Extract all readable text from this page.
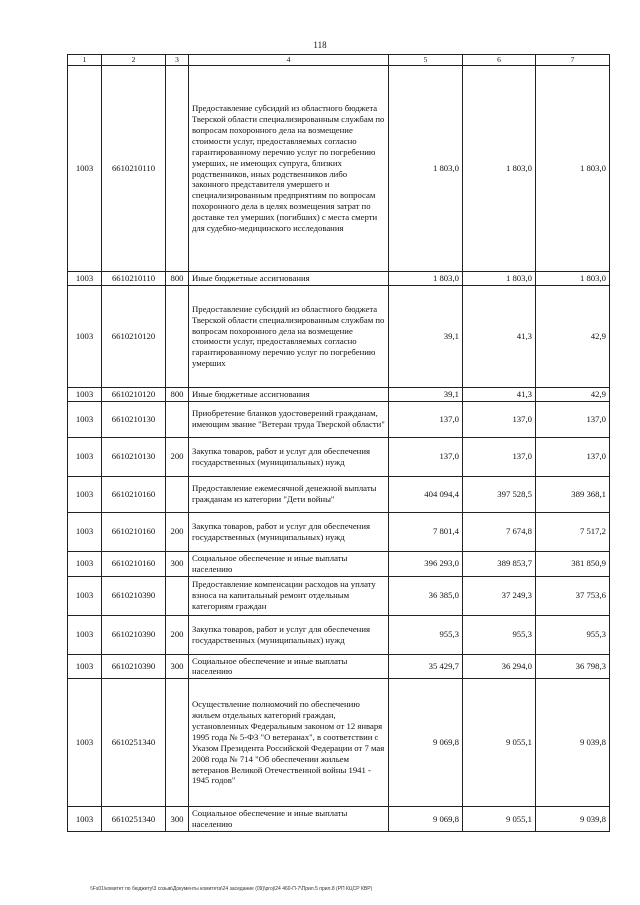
118
1	2	3	4	5	6	7
1003	6610210110		Предоставление субсидий из областного бюджета Тверской области специализированным службам по вопросам похоронного дела на возмещение стоимости услуг, предоставляемых согласно гарантированному перечню услуг по погребению умерших, не имеющих супруга, близких родственников, иных родственников либо законного представителя умершего и специализированным предприятиям по вопросам похоронного дела в целях возмещения затрат по доставке тел умерших (погибших) с места смерти для судебно-медицинского исследования	1 803,0	1 803,0	1 803,0
1003	6610210110	800	Иные бюджетные ассигнования	1 803,0	1 803,0	1 803,0
1003	6610210120		Предоставление субсидий из областного бюджета Тверской области специализированным службам по вопросам похоронного дела на возмещение стоимости услуг, предоставляемых согласно гарантированному перечню услуг по погребению умерших	39,1	41,3	42,9
1003	6610210120	800	Иные бюджетные ассигнования	39,1	41,3	42,9
1003	6610210130		Приобретение бланков удостоверений гражданам, имеющим звание "Ветеран труда Тверской области"	137,0	137,0	137,0
1003	6610210130	200	Закупка товаров, работ и услуг для обеспечения государственных (муниципальных) нужд	137,0	137,0	137,0
1003	6610210160		Предоставление ежемесячной денежной выплаты гражданам из категории "Дети войны"	404 094,4	397 528,5	389 368,1
1003	6610210160	200	Закупка товаров, работ и услуг для обеспечения государственных (муниципальных) нужд	7 801,4	7 674,8	7 517,2
1003	6610210160	300	Социальное обеспечение и иные выплаты населению	396 293,0	389 853,7	381 850,9
1003	6610210390		Предоставление компенсации расходов на уплату взноса на капитальный ремонт отдельным категориям граждан	36 385,0	37 249,3	37 753,6
1003	6610210390	200	Закупка товаров, работ и услуг для обеспечения государственных (муниципальных) нужд	955,3	955,3	955,3
1003	6610210390	300	Социальное обеспечение и иные выплаты населению	35 429,7	36 294,0	36 798,3
1003	6610251340		Осуществление полномочий по обеспечению жильем отдельных категорий граждан, установленных Федеральным законом от 12 января 1995 года № 5-ФЗ "О ветеранах", в соответствии с Указом Президента Российской Федерации от 7 мая 2008 года № 714 "Об обеспечении жильем ветеранов Великой Отечественной войны 1941 - 1945 годов"	9 069,8	9 055,1	9 039,8
1003	6610251340	300	Социальное обеспечение и иные выплаты населению	9 069,8	9 055,1	9 039,8
\\Fs01\комитет по бюджету\3 созыв\Документы комитета\24 заседание (09)\proj\24 460-П-7\Прил.5 прил.8 (РП КЦСР КВР)
